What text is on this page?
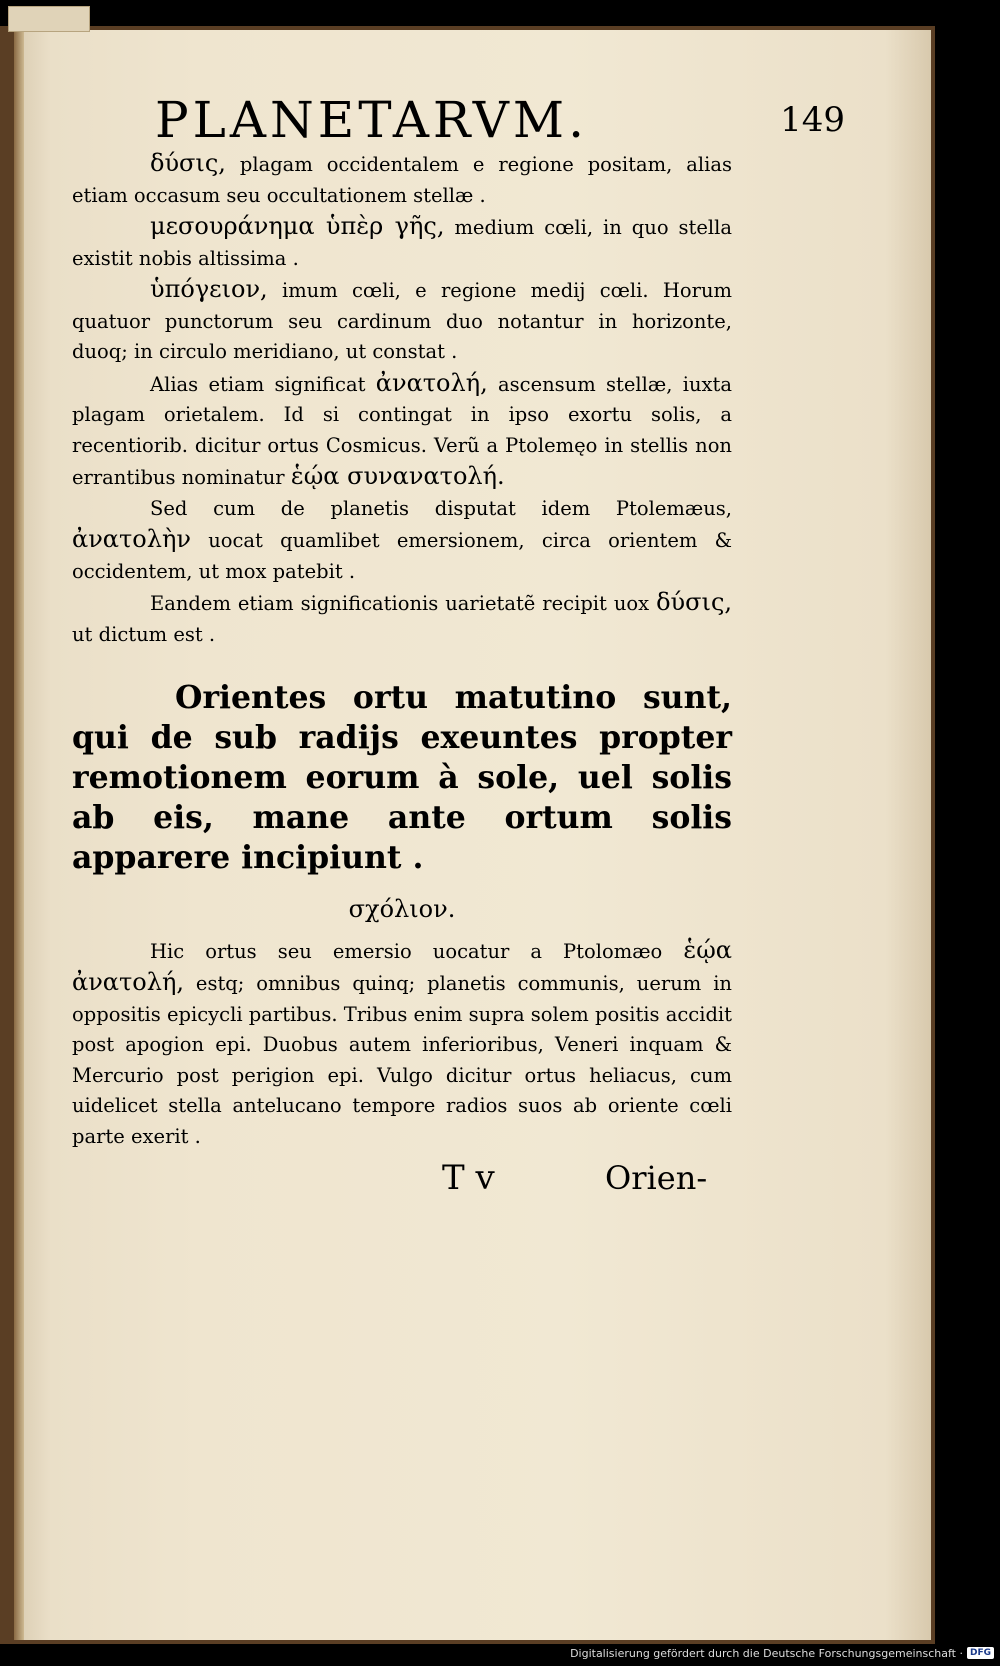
PLANETARVM.	149

δύσις, plagam occidentalem e regione positam, alias etiam occasum seu occultationem stellæ .

μεσουράνημα ὑπὲρ γῆς, medium cœli, in quo stella existit nobis altissima .

ὑπόγειον, imum cœli, e regione medij cœli. Horum quatuor punctorum seu cardinum duo notantur in horizonte, duoq; in circulo meridiano, ut constat .

Alias etiam significat ἀνατολή, ascensum stellæ, iuxta plagam orietalem. Id si contingat in ipso exortu solis, a recentiorib. dicitur ortus Cosmicus. Verũ a Ptolemęo in stellis non errantibus nominatur ἑῴα συνανατολή.

Sed cum de planetis disputat idem Ptolemæus, ἀνατολὴν uocat quamlibet emersionem, circa orientem & occidentem, ut mox patebit .

Eandem etiam significationis uarietatẽ recipit uox δύσις, ut dictum est .

Orientes ortu matutino sunt, qui de sub radijs exeuntes propter remotionem eorum à sole, uel solis ab eis, mane ante ortum solis apparere incipiunt .

σχόλιον.

Hic ortus seu emersio uocatur a Ptolomæo ἑῴα ἀνατολή, estq; omnibus quinq; planetis communis, uerum in oppositis epicycli partibus. Tribus enim supra solem positis accidit post apogion epi. Duobus autem inferioribus, Veneri inquam & Mercurio post perigion epi. Vulgo dicitur ortus heliacus, cum uidelicet stella antelucano tempore radios suos ab oriente cœli parte exerit .

T v	Orien-
Digitalisierung gefördert durch die Deutsche Forschungsgemeinschaft · DFG
